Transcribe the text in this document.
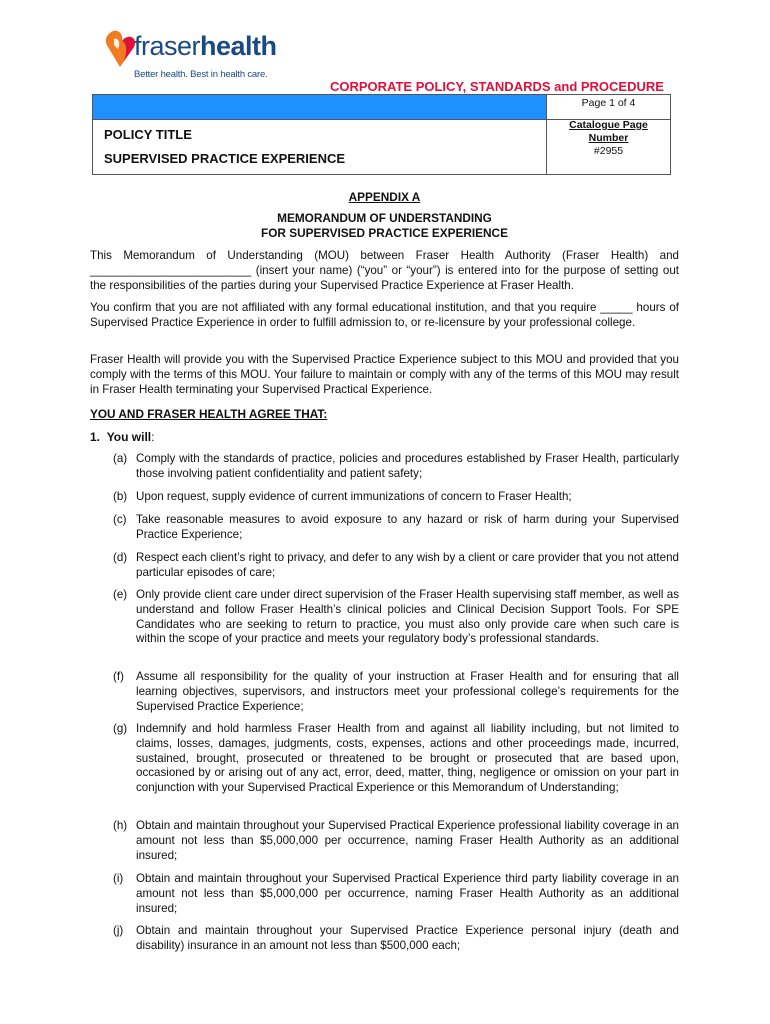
fraserhealth
Better health. Best in health care.
CORPORATE POLICY, STANDARDS and PROCEDURE
Page 1 of 4
POLICY TITLE
SUPERVISED PRACTICE EXPERIENCE
Catalogue Page
Number
#2955
APPENDIX A
MEMORANDUM OF UNDERSTANDING
FOR SUPERVISED PRACTICE EXPERIENCE
This Memorandum of Understanding (MOU) between Fraser Health Authority (Fraser Health) and _________________________ (insert your name) (“you” or “your”) is entered into for the purpose of setting out the responsibilities of the parties during your Supervised Practice Experience at Fraser Health.
You confirm that you are not affiliated with any formal educational institution, and that you require _____ hours of Supervised Practice Experience in order to fulfill admission to, or re-licensure by your professional college.
Fraser Health will provide you with the Supervised Practice Experience subject to this MOU and provided that you comply with the terms of this MOU. Your failure to maintain or comply with any of the terms of this MOU may result in Fraser Health terminating your Supervised Practical Experience.
YOU AND FRASER HEALTH AGREE THAT:
1. You will:
(a) Comply with the standards of practice, policies and procedures established by Fraser Health, particularly those involving patient confidentiality and patient safety;
(b) Upon request, supply evidence of current immunizations of concern to Fraser Health;
(c) Take reasonable measures to avoid exposure to any hazard or risk of harm during your Supervised Practice Experience;
(d) Respect each client’s right to privacy, and defer to any wish by a client or care provider that you not attend particular episodes of care;
(e) Only provide client care under direct supervision of the Fraser Health supervising staff member, as well as understand and follow Fraser Health’s clinical policies and Clinical Decision Support Tools. For SPE Candidates who are seeking to return to practice, you must also only provide care when such care is within the scope of your practice and meets your regulatory body’s professional standards.
(f) Assume all responsibility for the quality of your instruction at Fraser Health and for ensuring that all learning objectives, supervisors, and instructors meet your professional college’s requirements for the Supervised Practice Experience;
(g) Indemnify and hold harmless Fraser Health from and against all liability including, but not limited to claims, losses, damages, judgments, costs, expenses, actions and other proceedings made, incurred, sustained, brought, prosecuted or threatened to be brought or prosecuted that are based upon, occasioned by or arising out of any act, error, deed, matter, thing, negligence or omission on your part in conjunction with your Supervised Practical Experience or this Memorandum of Understanding;
(h) Obtain and maintain throughout your Supervised Practical Experience professional liability coverage in an amount not less than $5,000,000 per occurrence, naming Fraser Health Authority as an additional insured;
(i) Obtain and maintain throughout your Supervised Practical Experience third party liability coverage in an amount not less than $5,000,000 per occurrence, naming Fraser Health Authority as an additional insured;
(j) Obtain and maintain throughout your Supervised Practice Experience personal injury (death and disability) insurance in an amount not less than $500,000 each;
